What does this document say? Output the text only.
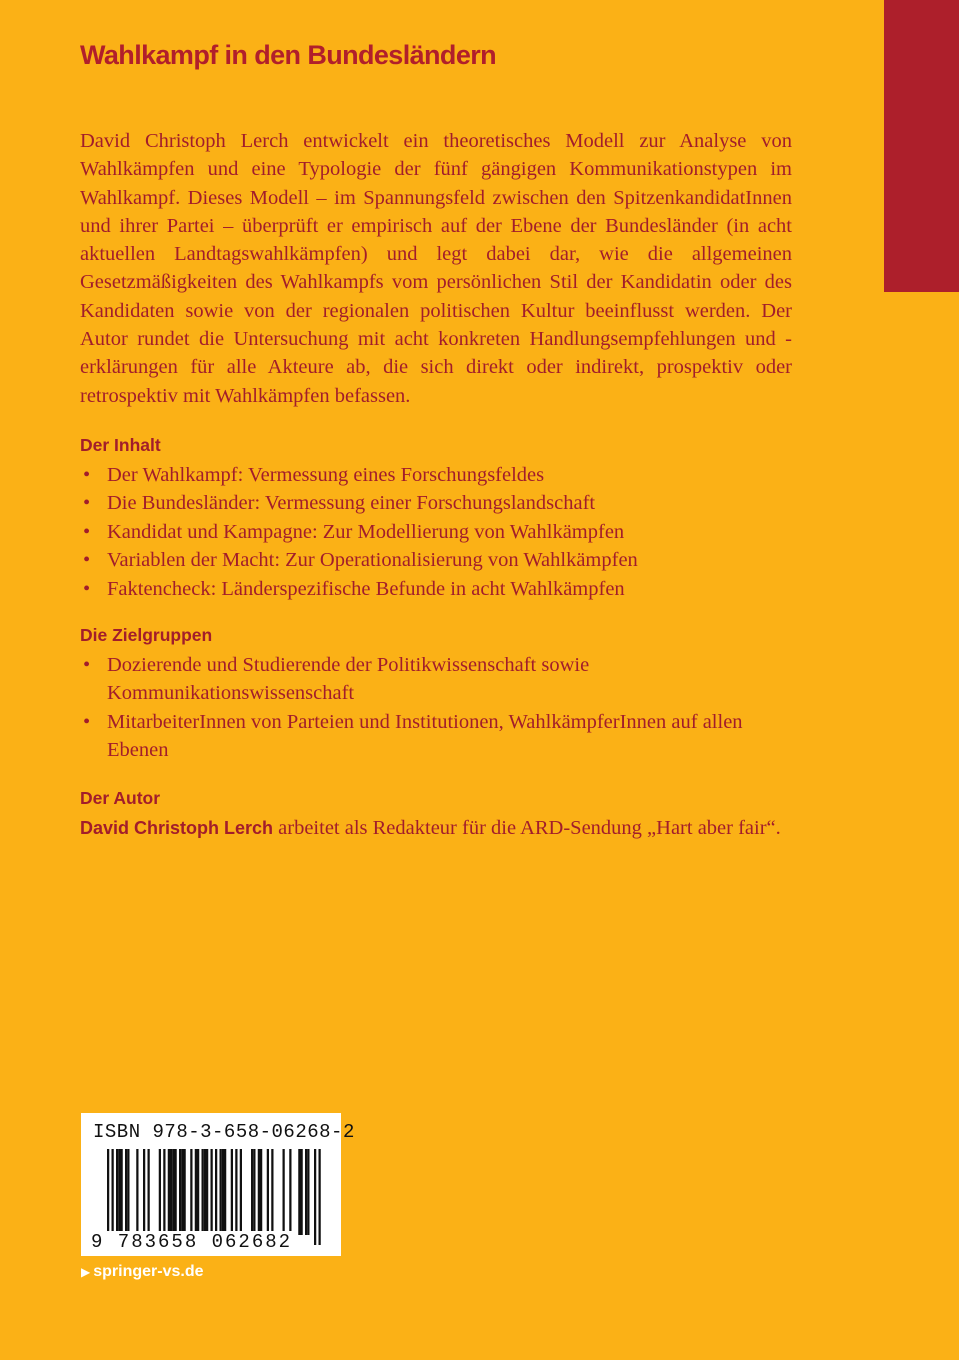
Wahlkampf in den Bundesländern

David Christoph Lerch entwickelt ein theoretisches Modell zur Analyse von Wahlkämpfen und eine Typologie der fünf gängigen Kommunikationstypen im Wahlkampf. Dieses Modell – im Spannungsfeld zwischen den SpitzenkandidatInnen und ihrer Partei – überprüft er empirisch auf der Ebene der Bundesländer (in acht aktuellen Landtagswahlkämpfen) und legt dabei dar, wie die allgemeinen Gesetzmäßigkeiten des Wahlkampfs vom persönlichen Stil der Kandidatin oder des Kandidaten sowie von der regionalen politischen Kultur beeinflusst werden. Der Autor rundet die Untersuchung mit acht konkreten Handlungsempfehlungen und -erklärungen für alle Akteure ab, die sich direkt oder indirekt, prospektiv oder retrospektiv mit Wahlkämpfen befassen.

Der Inhalt
• Der Wahlkampf: Vermessung eines Forschungsfeldes
• Die Bundesländer: Vermessung einer Forschungslandschaft
• Kandidat und Kampagne: Zur Modellierung von Wahlkämpfen
• Variablen der Macht: Zur Operationalisierung von Wahlkämpfen
• Faktencheck: Länderspezifische Befunde in acht Wahlkämpfen
Die Zielgruppen
• Dozierende und Studierende der Politikwissenschaft sowie Kommunikationswissenschaft
• MitarbeiterInnen von Parteien und Institutionen, WahlkämpferInnen auf allen Ebenen
Der Autor

David Christoph Lerch arbeitet als Redakteur für die ARD-Sendung „Hart aber fair“.

ISBN 978-3-658-06268-2
9 783658 062682
▶ springer-vs.de
